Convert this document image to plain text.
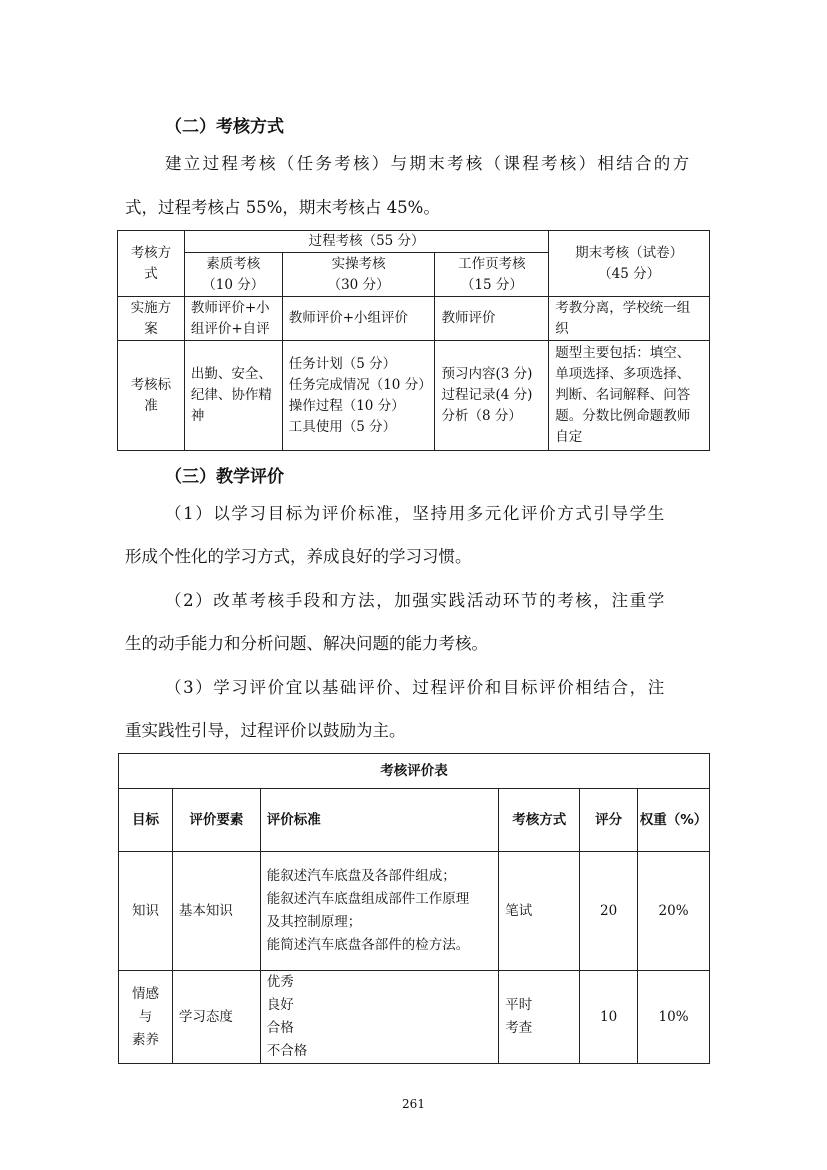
（二）考核方式
建立过程考核（任务考核）与期末考核（课程考核）相结合的方
式，过程考核占 55%，期末考核占 45%。
考核方
式	过程考核（55 分）			期末考核（试卷）
（45 分）

	素质考核
（10 分）	实操考核
（30 分）	工作页考核
（15 分）	

实施方
案	教师评价+小
组评价+自评	教师评价+小组评价	教师评价	考教分离，学校统一组
织

考核标
准	出勤、安全、
纪律、协作精
神	任务计划（5 分）
任务完成情况（10 分）
操作过程（10 分）
工具使用（5 分）	预习内容(3 分)
过程记录(4 分)
分析（8 分）	题型主要包括：填空、
单项选择、多项选择、
判断、名词解释、问答
题。分数比例命题教师
自定
（三）教学评价
（1）以学习目标为评价标准，坚持用多元化评价方式引导学生
形成个性化的学习方式，养成良好的学习习惯。
（2）改革考核手段和方法，加强实践活动环节的考核，注重学
生的动手能力和分析问题、解决问题的能力考核。
（3）学习评价宜以基础评价、过程评价和目标评价相结合，注
重实践性引导，过程评价以鼓励为主。
考核评价表					
目标	评价要素	评价标准	考核方式	评分	权重（%）
知识	基本知识	能叙述汽车底盘及各部件组成；
能叙述汽车底盘组成部件工作原理
及其控制原理；
能简述汽车底盘各部件的检方法。	笔试	20	20%

情感
与
素养	学习态度	优秀
良好
合格
不合格	平时
考查	10	10%
261
